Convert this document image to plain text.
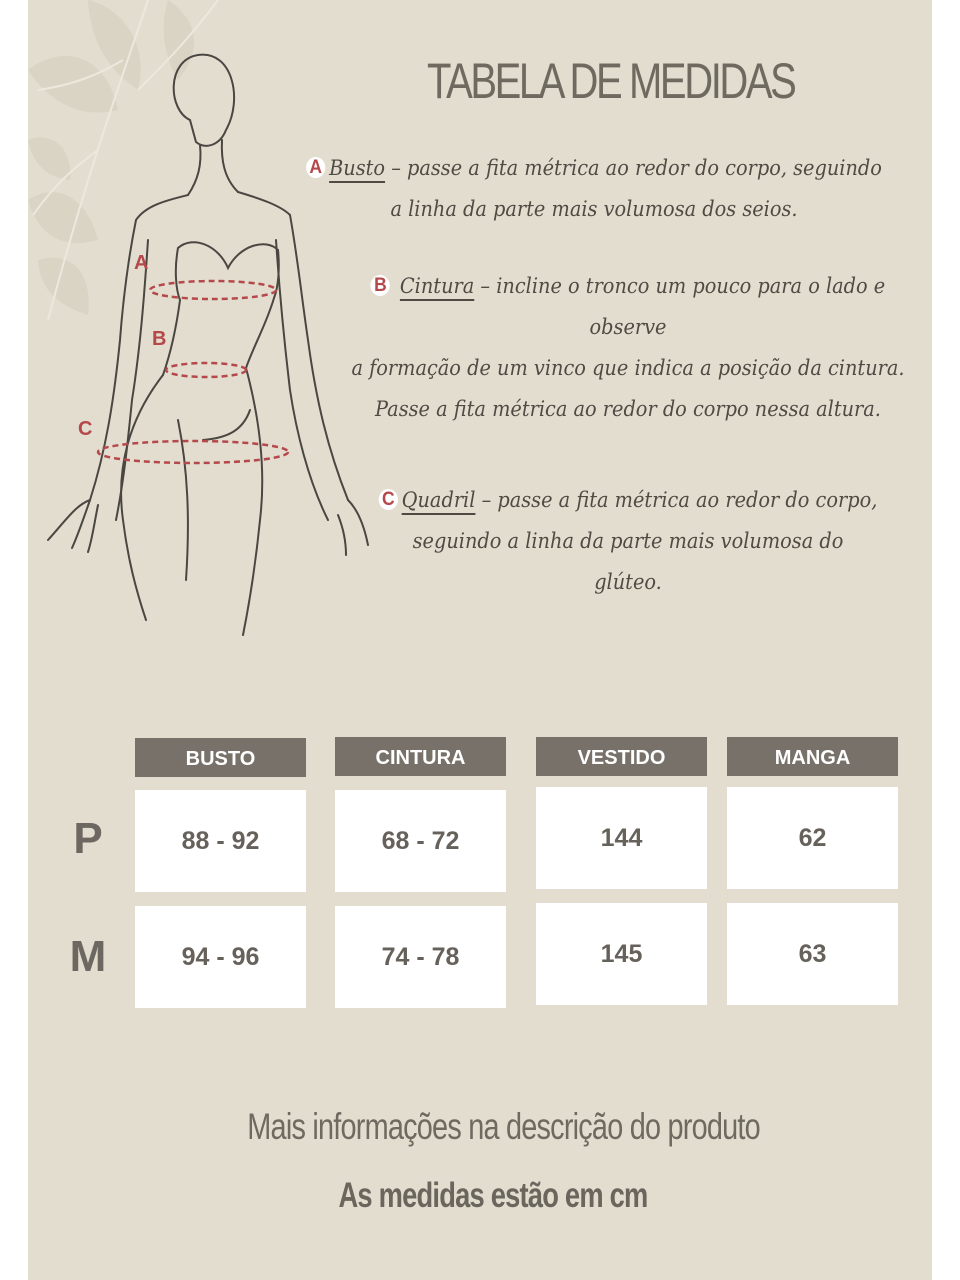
A
B
C
TABELA DE MEDIDAS
A Busto – passe a fita métrica ao redor do corpo, seguindo
a linha da parte mais volumosa dos seios.
B Cintura – incline o tronco um pouco para o lado e
observe
a formação de um vinco que indica a posição da cintura.
Passe a fita métrica ao redor do corpo nessa altura.
C Quadril – passe a fita métrica ao redor do corpo,
seguindo a linha da parte mais volumosa do
glúteo.
BUSTO	CINTURA	VESTIDO	MANGA
P	88 - 92	68 - 72	144	62
M	94 - 96	74 - 78	145	63
Mais informações na descrição do produto
As medidas estão em cm
